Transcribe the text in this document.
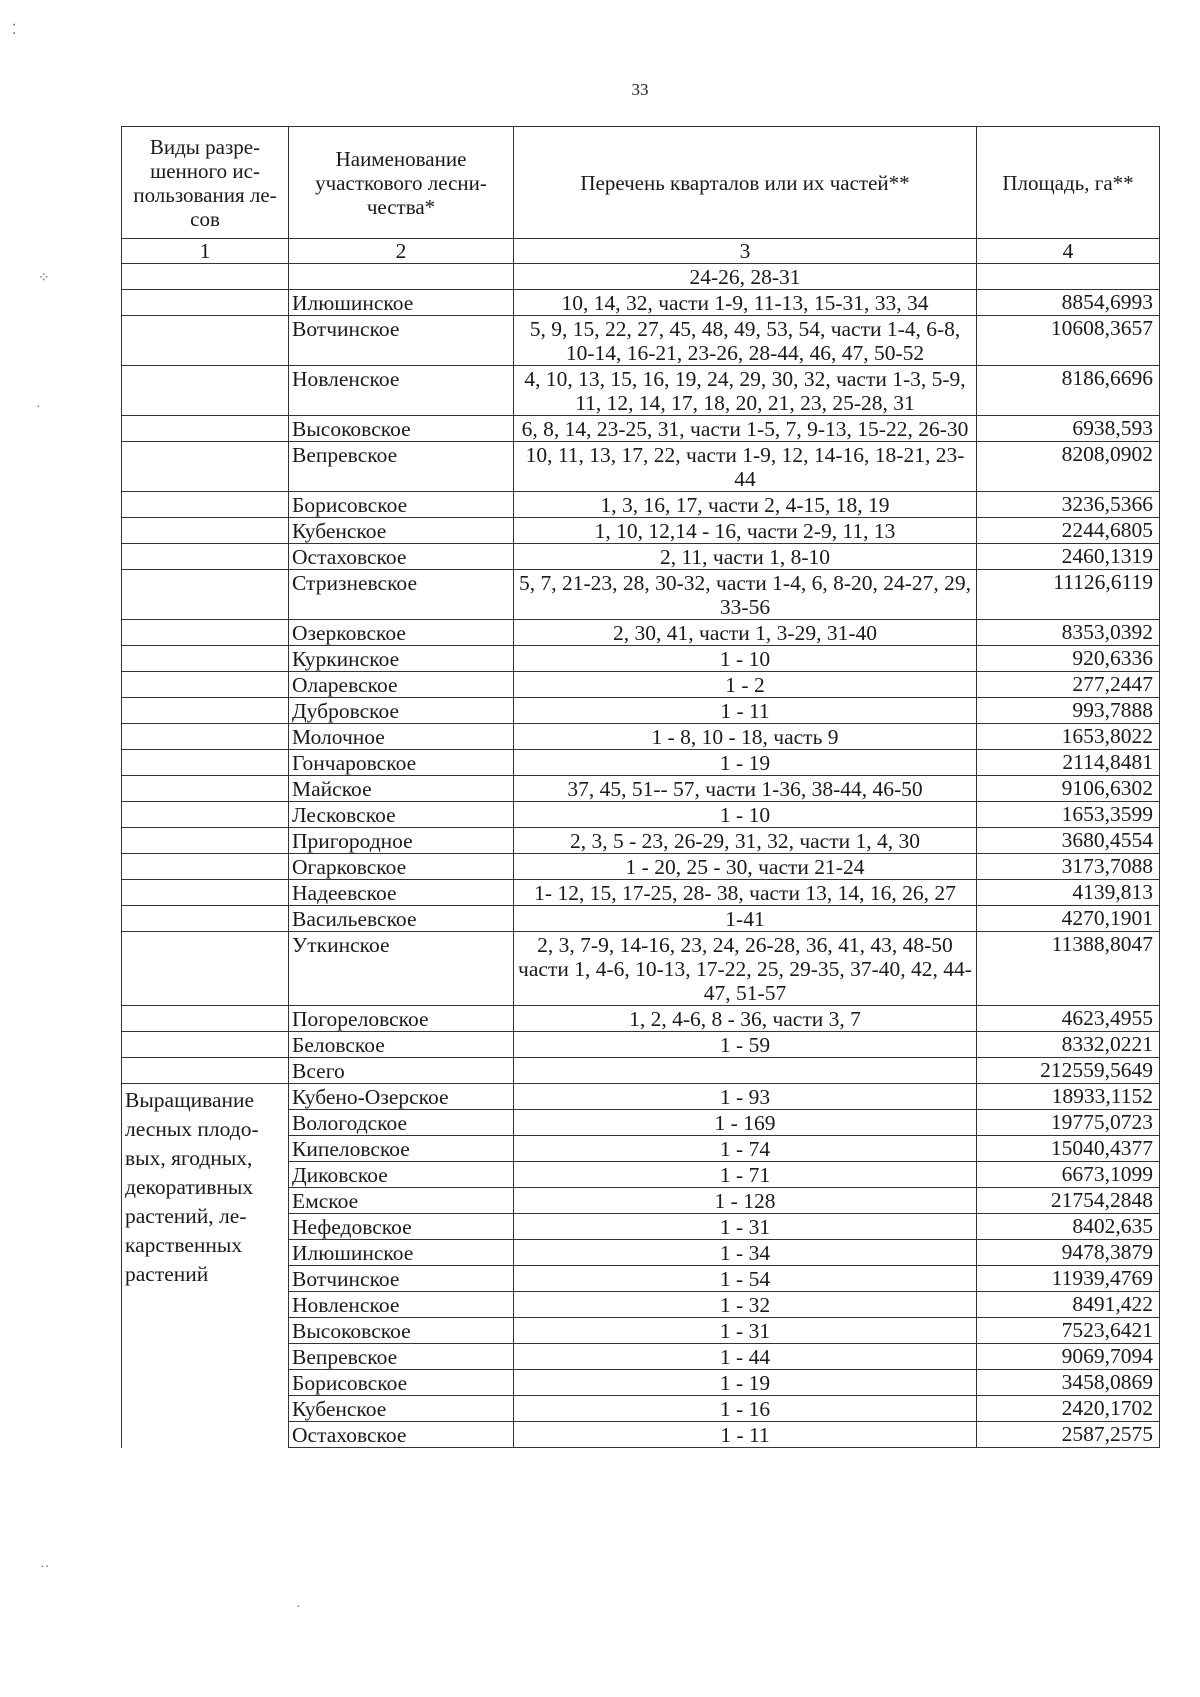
⁚
⁘
·
··
·
33
Виды разре-шенного ис-пользования ле-сов	Наименование участкового лесни-чества*	Перечень кварталов или их частей**	Площадь, га**
1	2	3	4
		24-26, 28-31	
	Илюшинское	10, 14, 32, части 1-9, 11-13, 15-31, 33, 34	8854,6993
	Вотчинское	5, 9, 15, 22, 27, 45, 48, 49, 53, 54, части 1-4, 6-8, 10-14, 16-21, 23-26, 28-44, 46, 47, 50-52	10608,3657
	Новленское	4, 10, 13, 15, 16, 19, 24, 29, 30, 32, части 1-3, 5-9, 11, 12, 14, 17, 18, 20, 21, 23, 25-28, 31	8186,6696
	Высоковское	6, 8, 14, 23-25, 31, части 1-5, 7, 9-13, 15-22, 26-30	6938,593
	Вепревское	10, 11, 13, 17, 22, части 1-9, 12, 14-16, 18-21, 23-44	8208,0902
	Борисовское	1, 3, 16, 17, части 2, 4-15, 18, 19	3236,5366
	Кубенское	1, 10, 12,14 - 16, части 2-9, 11, 13	2244,6805
	Остаховское	2, 11, части 1, 8-10	2460,1319
	Стризневское	5, 7, 21-23, 28, 30-32, части 1-4, 6, 8-20, 24-27, 29, 33-56	11126,6119
	Озерковское	2, 30, 41, части 1, 3-29, 31-40	8353,0392
	Куркинское	1 - 10	920,6336
	Оларевское	1 - 2	277,2447
	Дубровское	1 - 11	993,7888
	Молочное	1 - 8, 10 - 18, часть 9	1653,8022
	Гончаровское	1 - 19	2114,8481
	Майское	37, 45, 51-- 57, части 1-36, 38-44, 46-50	9106,6302
	Лесковское	1 - 10	1653,3599
	Пригородное	2, 3, 5 - 23, 26-29, 31, 32, части 1, 4, 30	3680,4554
	Огарковское	1 - 20, 25 - 30, части 21-24	3173,7088
	Надеевское	1- 12, 15, 17-25, 28- 38, части 13, 14, 16, 26, 27	4139,813
	Васильевское	1-41	4270,1901
	Уткинское	2, 3, 7-9, 14-16, 23, 24, 26-28, 36, 41, 43, 48-50 части 1, 4-6, 10-13, 17-22, 25, 29-35, 37-40, 42, 44-47, 51-57	11388,8047
	Погореловское	1, 2, 4-6, 8 - 36, части 3, 7	4623,4955
	Беловское	1 - 59	8332,0221
	Всего		212559,5649
Выращивание лесных плодо-вых, ягодных, декоративных растений, ле-карственных растений	Кубено-Озерское	1 - 93	18933,1152
	Вологодское	1 - 169	19775,0723
	Кипеловское	1 - 74	15040,4377
	Диковское	1 - 71	6673,1099
	Емское	1 - 128	21754,2848
	Нефедовское	1 - 31	8402,635
	Илюшинское	1 - 34	9478,3879
	Вотчинское	1 - 54	11939,4769
	Новленское	1 - 32	8491,422
	Высоковское	1 - 31	7523,6421
	Вепревское	1 - 44	9069,7094
	Борисовское	1 - 19	3458,0869
	Кубенское	1 - 16	2420,1702
	Остаховское	1 - 11	2587,2575
